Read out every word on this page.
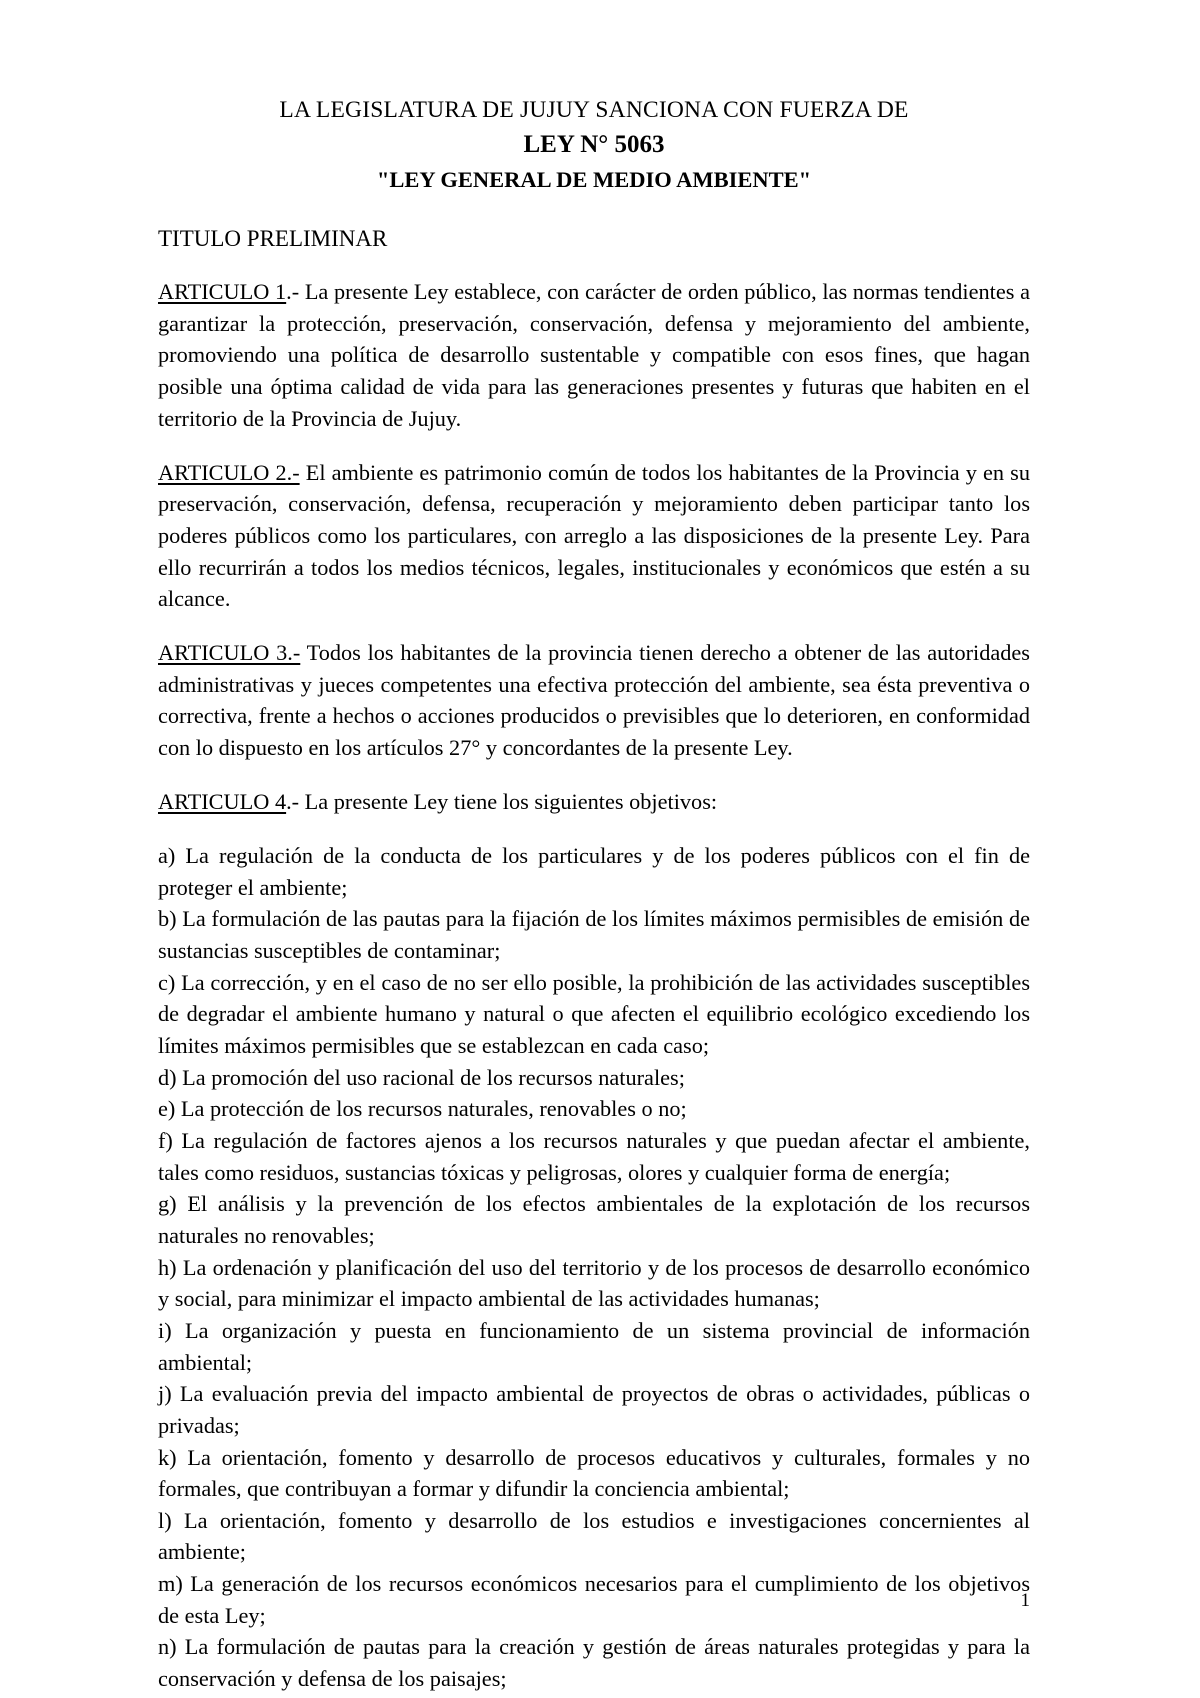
LA LEGISLATURA DE JUJUY SANCIONA CON FUERZA DE
LEY N° 5063
"LEY GENERAL DE MEDIO AMBIENTE"
TITULO PRELIMINAR

ARTICULO 1.- La presente Ley establece, con carácter de orden público, las normas tendientes a garantizar la protección, preservación, conservación, defensa y mejoramiento del ambiente, promoviendo una política de desarrollo sustentable y compatible con esos fines, que hagan posible una óptima calidad de vida para las generaciones presentes y futuras que habiten en el territorio de la Provincia de Jujuy.

ARTICULO 2.- El ambiente es patrimonio común de todos los habitantes de la Provincia y en su preservación, conservación, defensa, recuperación y mejoramiento deben participar tanto los poderes públicos como los particulares, con arreglo a las disposiciones de la presente Ley. Para ello recurrirán a todos los medios técnicos, legales, institucionales y económicos que estén a su alcance.

ARTICULO 3.- Todos los habitantes de la provincia tienen derecho a obtener de las autoridades administrativas y jueces competentes una efectiva protección del ambiente, sea ésta preventiva o correctiva, frente a hechos o acciones producidos o previsibles que lo deterioren, en conformidad con lo dispuesto en los artículos 27° y concordantes de la presente Ley.

ARTICULO 4.- La presente Ley tiene los siguientes objetivos:

a) La regulación de la conducta de los particulares y de los poderes públicos con el fin de proteger el ambiente;

b) La formulación de las pautas para la fijación de los límites máximos permisibles de emisión de sustancias susceptibles de contaminar;

c) La corrección, y en el caso de no ser ello posible, la prohibición de las actividades susceptibles de degradar el ambiente humano y natural o que afecten el equilibrio ecológico excediendo los límites máximos permisibles que se establezcan en cada caso;

d) La promoción del uso racional de los recursos naturales;

e) La protección de los recursos naturales, renovables o no;

f) La regulación de factores ajenos a los recursos naturales y que puedan afectar el ambiente, tales como residuos, sustancias tóxicas y peligrosas, olores y cualquier forma de energía;

g) El análisis y la prevención de los efectos ambientales de la explotación de los recursos naturales no renovables;

h) La ordenación y planificación del uso del territorio y de los procesos de desarrollo económico y social, para minimizar el impacto ambiental de las actividades humanas;

i) La organización y puesta en funcionamiento de un sistema provincial de información ambiental;

j) La evaluación previa del impacto ambiental de proyectos de obras o actividades, públicas o privadas;

k) La orientación, fomento y desarrollo de procesos educativos y culturales, formales y no formales, que contribuyan a formar y difundir la conciencia ambiental;

l) La orientación, fomento y desarrollo de los estudios e investigaciones concernientes al ambiente;

m) La generación de los recursos económicos necesarios para el cumplimiento de los objetivos de esta Ley;

n) La formulación de pautas para la creación y gestión de áreas naturales protegidas y para la conservación y defensa de los paisajes;

1
